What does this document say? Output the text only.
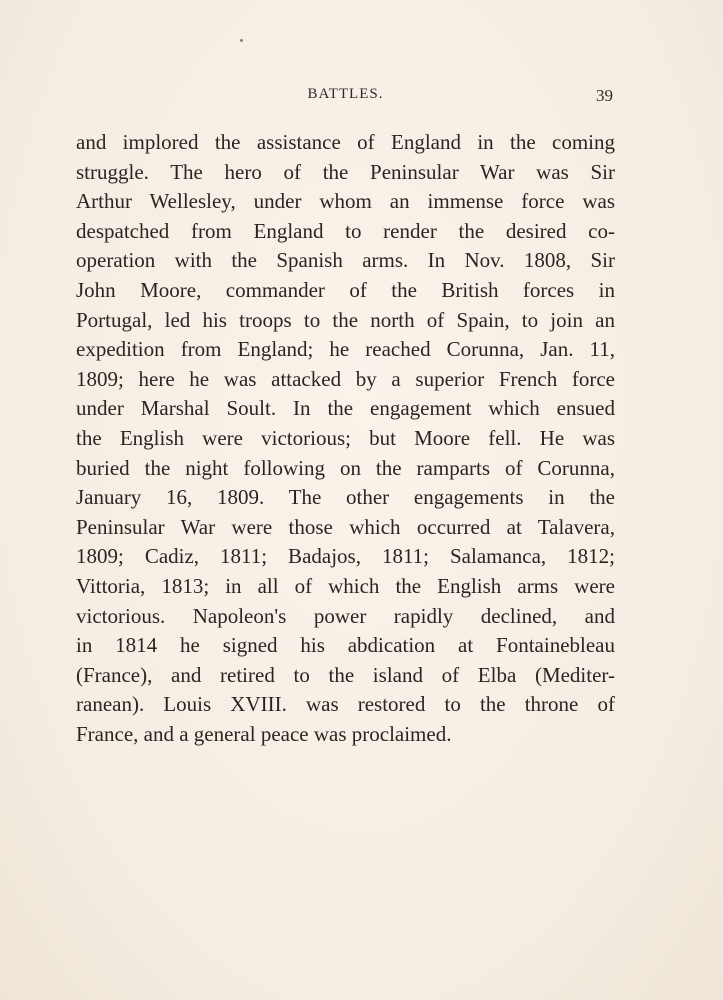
BATTLES.	39
and implored the assistance of England in the coming
struggle. The hero of the Peninsular War was Sir
Arthur Wellesley, under whom an immense force was
despatched from England to render the desired co-
operation with the Spanish arms. In Nov. 1808, Sir
John Moore, commander of the British forces in
Portugal, led his troops to the north of Spain, to join an
expedition from England; he reached Corunna, Jan. 11,
1809; here he was attacked by a superior French force
under Marshal Soult. In the engagement which ensued
the English were victorious; but Moore fell. He was
buried the night following on the ramparts of Corunna,
January 16, 1809. The other engagements in the
Peninsular War were those which occurred at Talavera,
1809; Cadiz, 1811; Badajos, 1811; Salamanca, 1812;
Vittoria, 1813; in all of which the English arms were
victorious. Napoleon's power rapidly declined, and
in 1814 he signed his abdication at Fontainebleau
(France), and retired to the island of Elba (Mediter-
ranean). Louis XVIII. was restored to the throne of
France, and a general peace was proclaimed.
